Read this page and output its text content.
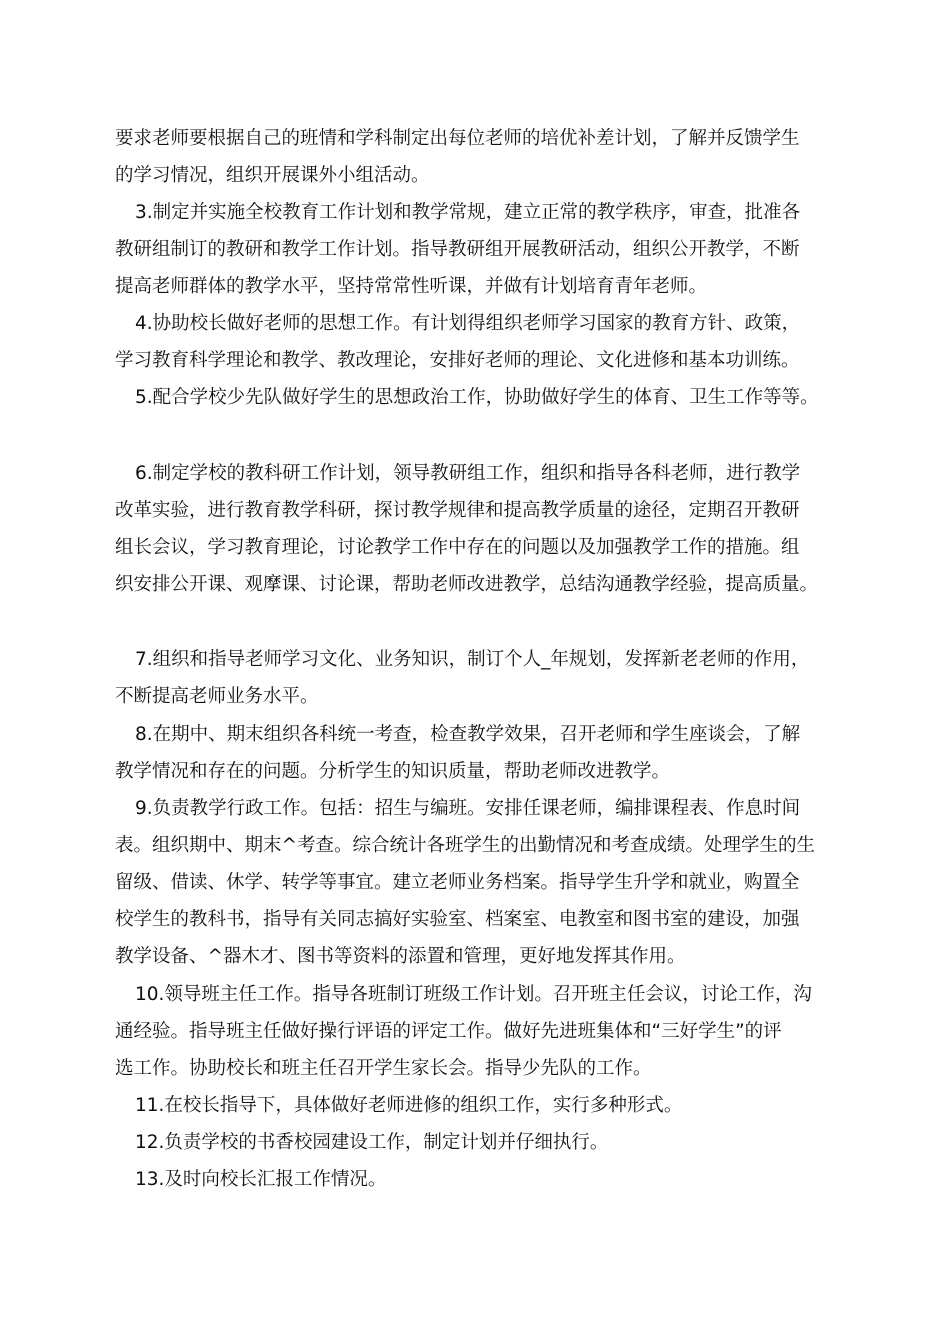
要求老师要根据自己的班情和学科制定出每位老师的培优补差计划，了解并反馈学生
的学习情况，组织开展课外小组活动。

3.制定并实施全校教育工作计划和教学常规，建立正常的教学秩序，审查，批准各
教研组制订的教研和教学工作计划。指导教研组开展教研活动，组织公开教学，不断
提高老师群体的教学水平，坚持常常性听课，并做有计划培育青年老师。

4.协助校长做好老师的思想工作。有计划得组织老师学习国家的教育方针、政策，
学习教育科学理论和教学、教改理论，安排好老师的理论、文化进修和基本功训练。

5.配合学校少先队做好学生的思想政治工作，协助做好学生的体育、卫生工作等等。

6.制定学校的教科研工作计划，领导教研组工作，组织和指导各科老师，进行教学
改革实验，进行教育教学科研，探讨教学规律和提高教学质量的途径，定期召开教研
组长会议，学习教育理论，讨论教学工作中存在的问题以及加强教学工作的措施。组
织安排公开课、观摩课、讨论课，帮助老师改进教学，总结沟通教学经验，提高质量。

7.组织和指导老师学习文化、业务知识，制订个人_年规划，发挥新老老师的作用，
不断提高老师业务水平。

8.在期中、期末组织各科统一考查，检查教学效果，召开老师和学生座谈会，了解
教学情况和存在的问题。分析学生的知识质量，帮助老师改进教学。

9.负责教学行政工作。包括：招生与编班。安排任课老师，编排课程表、作息时间
表。组织期中、期末^考查。综合统计各班学生的出勤情况和考查成绩。处理学生的生
留级、借读、休学、转学等事宜。建立老师业务档案。指导学生升学和就业，购置全
校学生的教科书，指导有关同志搞好实验室、档案室、电教室和图书室的建设，加强
教学设备、^器木才、图书等资料的添置和管理，更好地发挥其作用。

10.领导班主任工作。指导各班制订班级工作计划。召开班主任会议，讨论工作，沟
通经验。指导班主任做好操行评语的评定工作。做好先进班集体和“三好学生”的评
选工作。协助校长和班主任召开学生家长会。指导少先队的工作。

11.在校长指导下，具体做好老师进修的组织工作，实行多种形式。

12.负责学校的书香校园建设工作，制定计划并仔细执行。

13.及时向校长汇报工作情况。
